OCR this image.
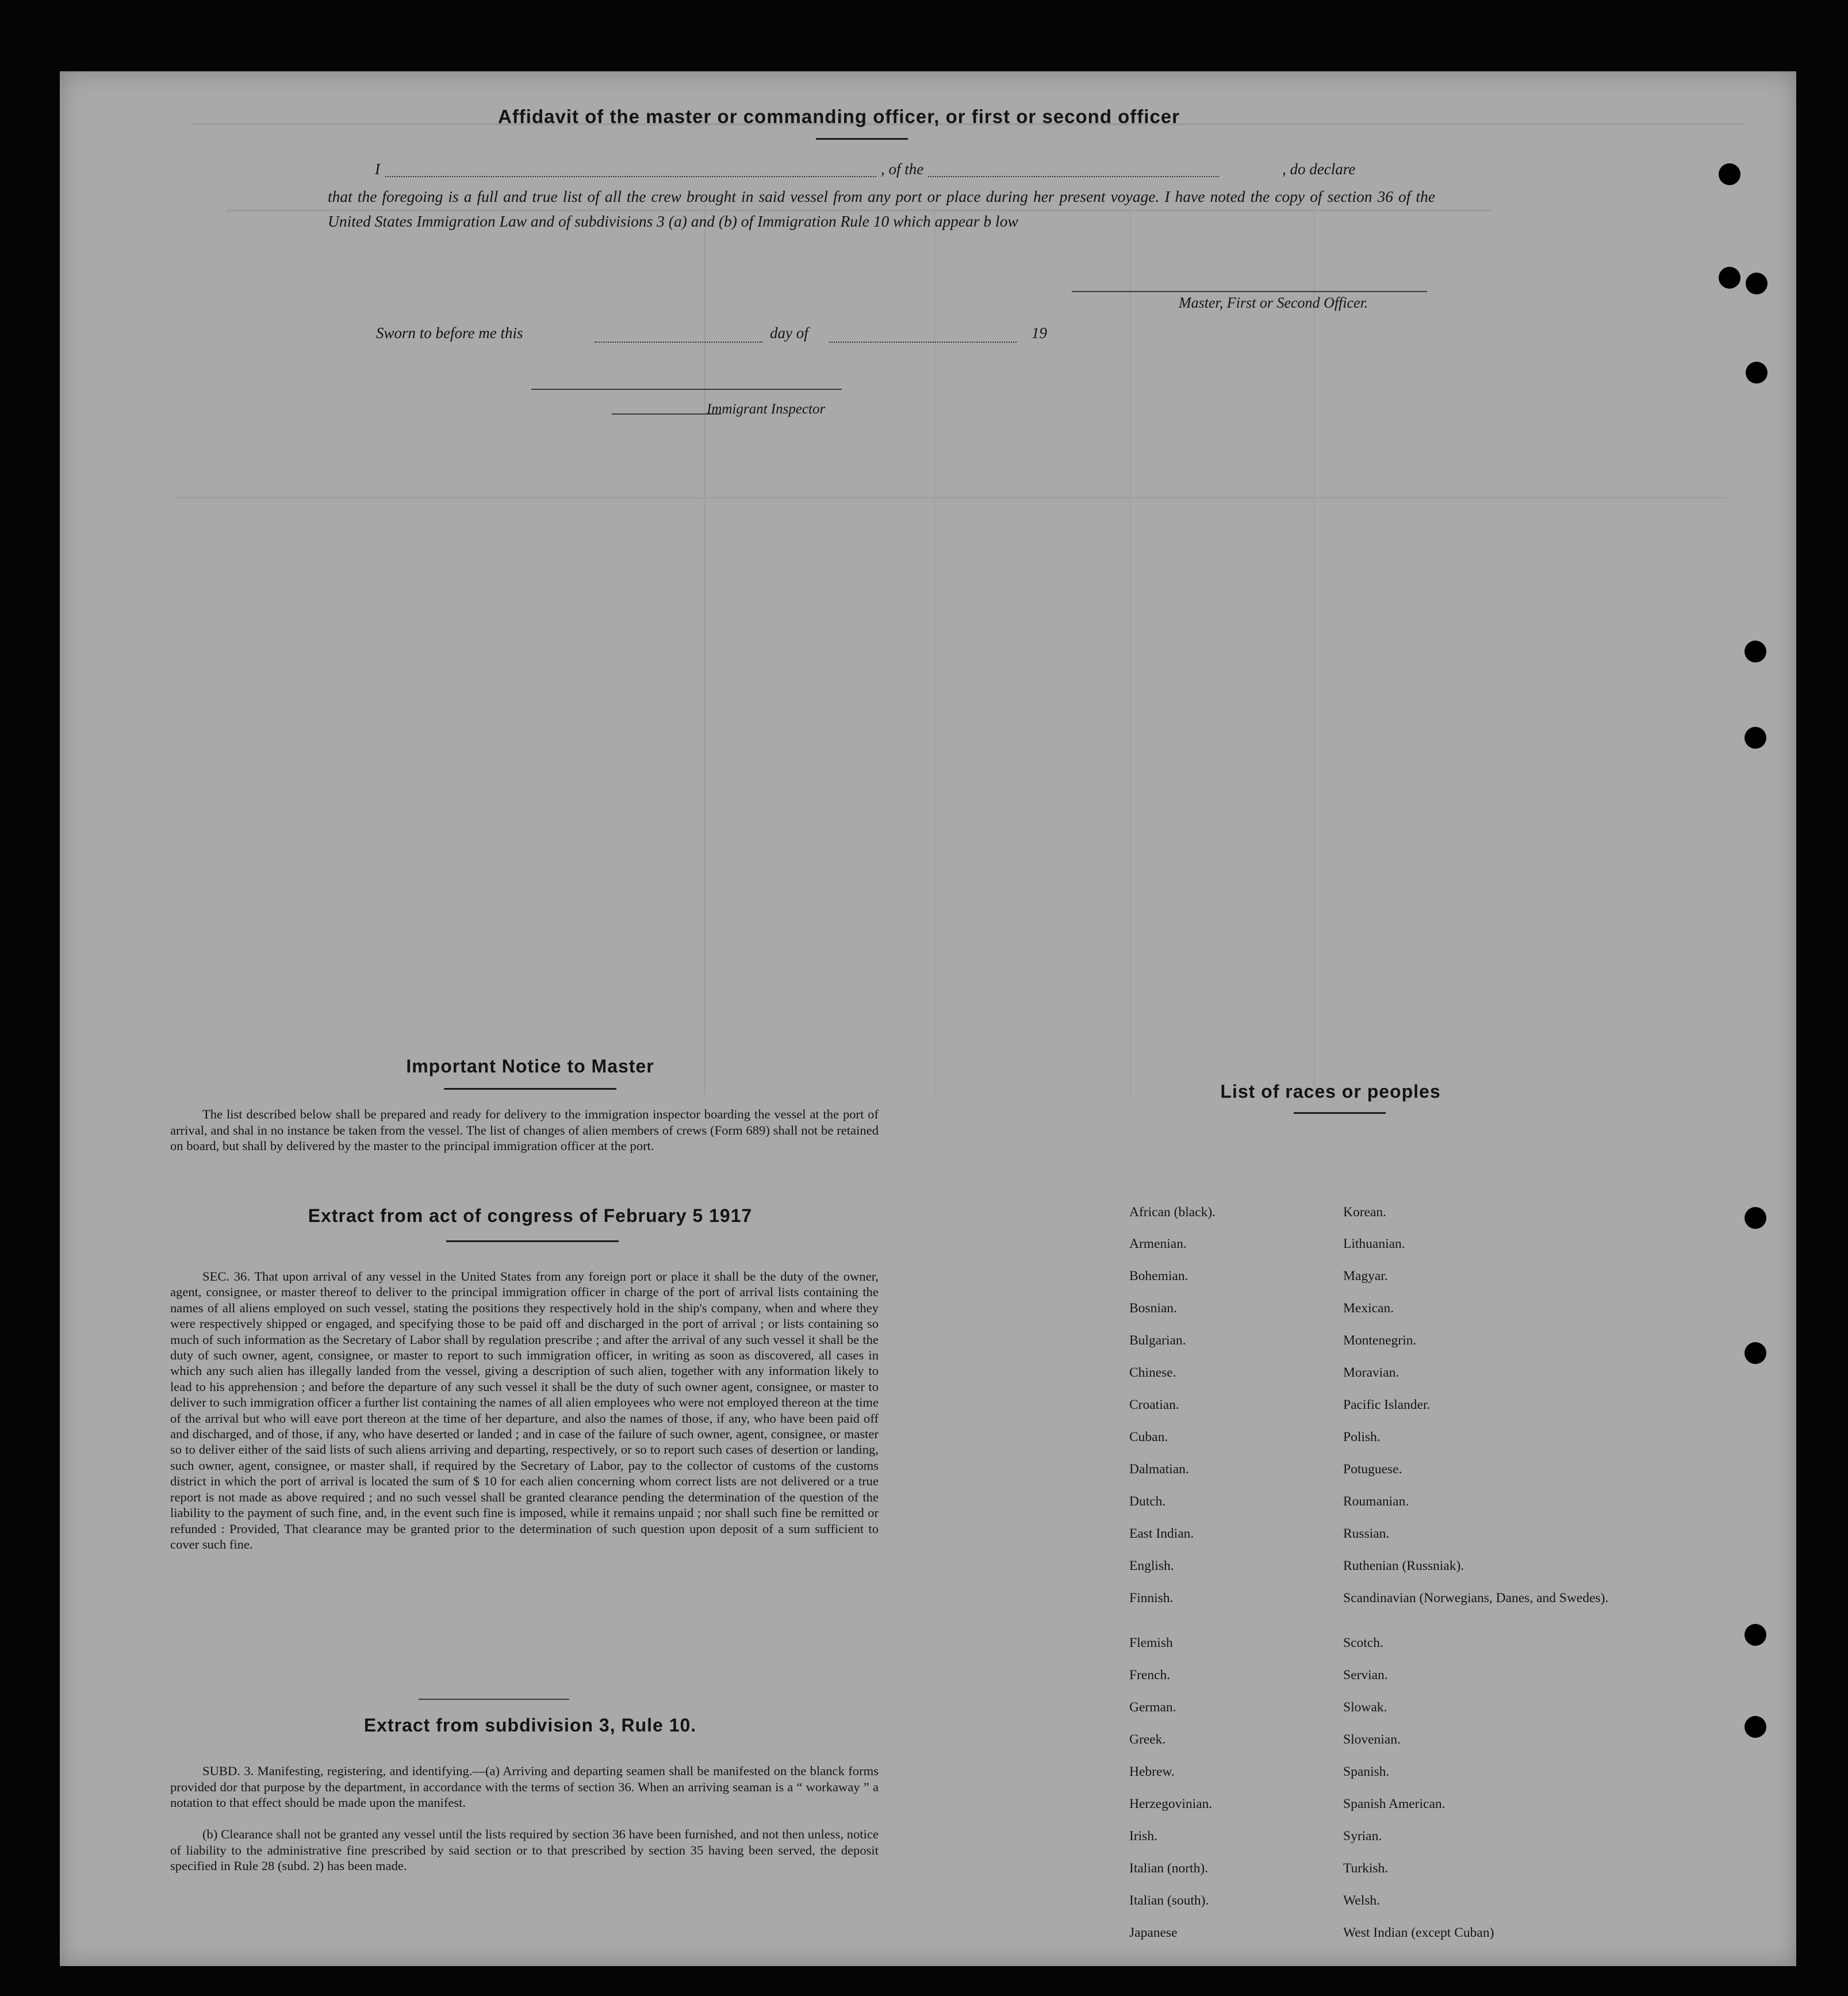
Affidavit of the master or commanding officer, or first or second officer
I	, of the	, do declare
that the foregoing is a full and true list of all the crew brought in said vessel from any port or place during her present voyage. I have noted the copy of section 36 of the United States Immigration Law and of subdivisions 3 (a) and (b) of Immigration Rule 10 which appear b low
Master, First or Second Officer.
Sworn to before me this	day of	19
Immigrant Inspector
Important Notice to Master
The list described below shall be prepared and ready for delivery to the immigration inspector boarding the vessel at the port of arrival, and shal in no instance be taken from the vessel. The list of changes of alien members of crews (Form 689) shall not be retained on board, but shall by delivered by the master to the principal immigration officer at the port.
Extract from act of congress of February 5 1917
SEC. 36. That upon arrival of any vessel in the United States from any foreign port or place it shall be the duty of the owner, agent, consignee, or master thereof to deliver to the principal immigration officer in charge of the port of arrival lists containing the names of all aliens employed on such vessel, stating the positions they respectively hold in the ship's company, when and where they were respectively shipped or engaged, and specifying those to be paid off and discharged in the port of arrival ; or lists containing so much of such information as the Secretary of Labor shall by regulation prescribe ; and after the arrival of any such vessel it shall be the duty of such owner, agent, consignee, or master to report to such immigration officer, in writing as soon as discovered, all cases in which any such alien has illegally landed from the vessel, giving a description of such alien, together with any information likely to lead to his apprehension ; and before the departure of any such vessel it shall be the duty of such owner agent, consignee, or master to deliver to such immigration officer a further list containing the names of all alien employees who were not employed thereon at the time of the arrival but who will eave port thereon at the time of her departure, and also the names of those, if any, who have been paid off and discharged, and of those, if any, who have deserted or landed ; and in case of the failure of such owner, agent, consignee, or master so to deliver either of the said lists of such aliens arriving and departing, respectively, or so to report such cases of desertion or landing, such owner, agent, consignee, or master shall, if required by the Secretary of Labor, pay to the collector of customs of the customs district in which the port of arrival is located the sum of $ 10 for each alien concerning whom correct lists are not delivered or a true report is not made as above required ; and no such vessel shall be granted clearance pending the determination of the question of the liability to the payment of such fine, and, in the event such fine is imposed, while it remains unpaid ; nor shall such fine be remitted or refunded : Provided, That clearance may be granted prior to the determination of such question upon deposit of a sum sufficient to cover such fine.
Extract from subdivision 3, Rule 10.
SUBD. 3. Manifesting, registering, and identifying.—(a) Arriving and departing seamen shall be manifested on the blanck forms provided dor that purpose by the department, in accordance with the terms of section 36. When an arriving seaman is a “ workaway ” a notation to that effect should be made upon the manifest.
(b) Clearance shall not be granted any vessel until the lists required by section 36 have been furnished, and not then unless, notice of liability to the administrative fine prescribed by said section or to that prescribed by section 35 having been served, the deposit specified in Rule 28 (subd. 2) has been made.
List of races or peoples
African (black).	Korean.
Armenian.	Lithuanian.
Bohemian.	Magyar.
Bosnian.	Mexican.
Bulgarian.	Montenegrin.
Chinese.	Moravian.
Croatian.	Pacific Islander.
Cuban.	Polish.
Dalmatian.	Potuguese.
Dutch.	Roumanian.
East Indian.	Russian.
English.	Ruthenian (Russniak).
Finnish.	Scandinavian (Norwegians, Danes, and Swedes).
Flemish	Scotch.
French.	Servian.
German.	Slowak.
Greek.	Slovenian.
Hebrew.	Spanish.
Herzegovinian.	Spanish American.
Irish.	Syrian.
Italian (north).	Turkish.
Italian (south).	Welsh.
Japanese	West Indian (except Cuban)
